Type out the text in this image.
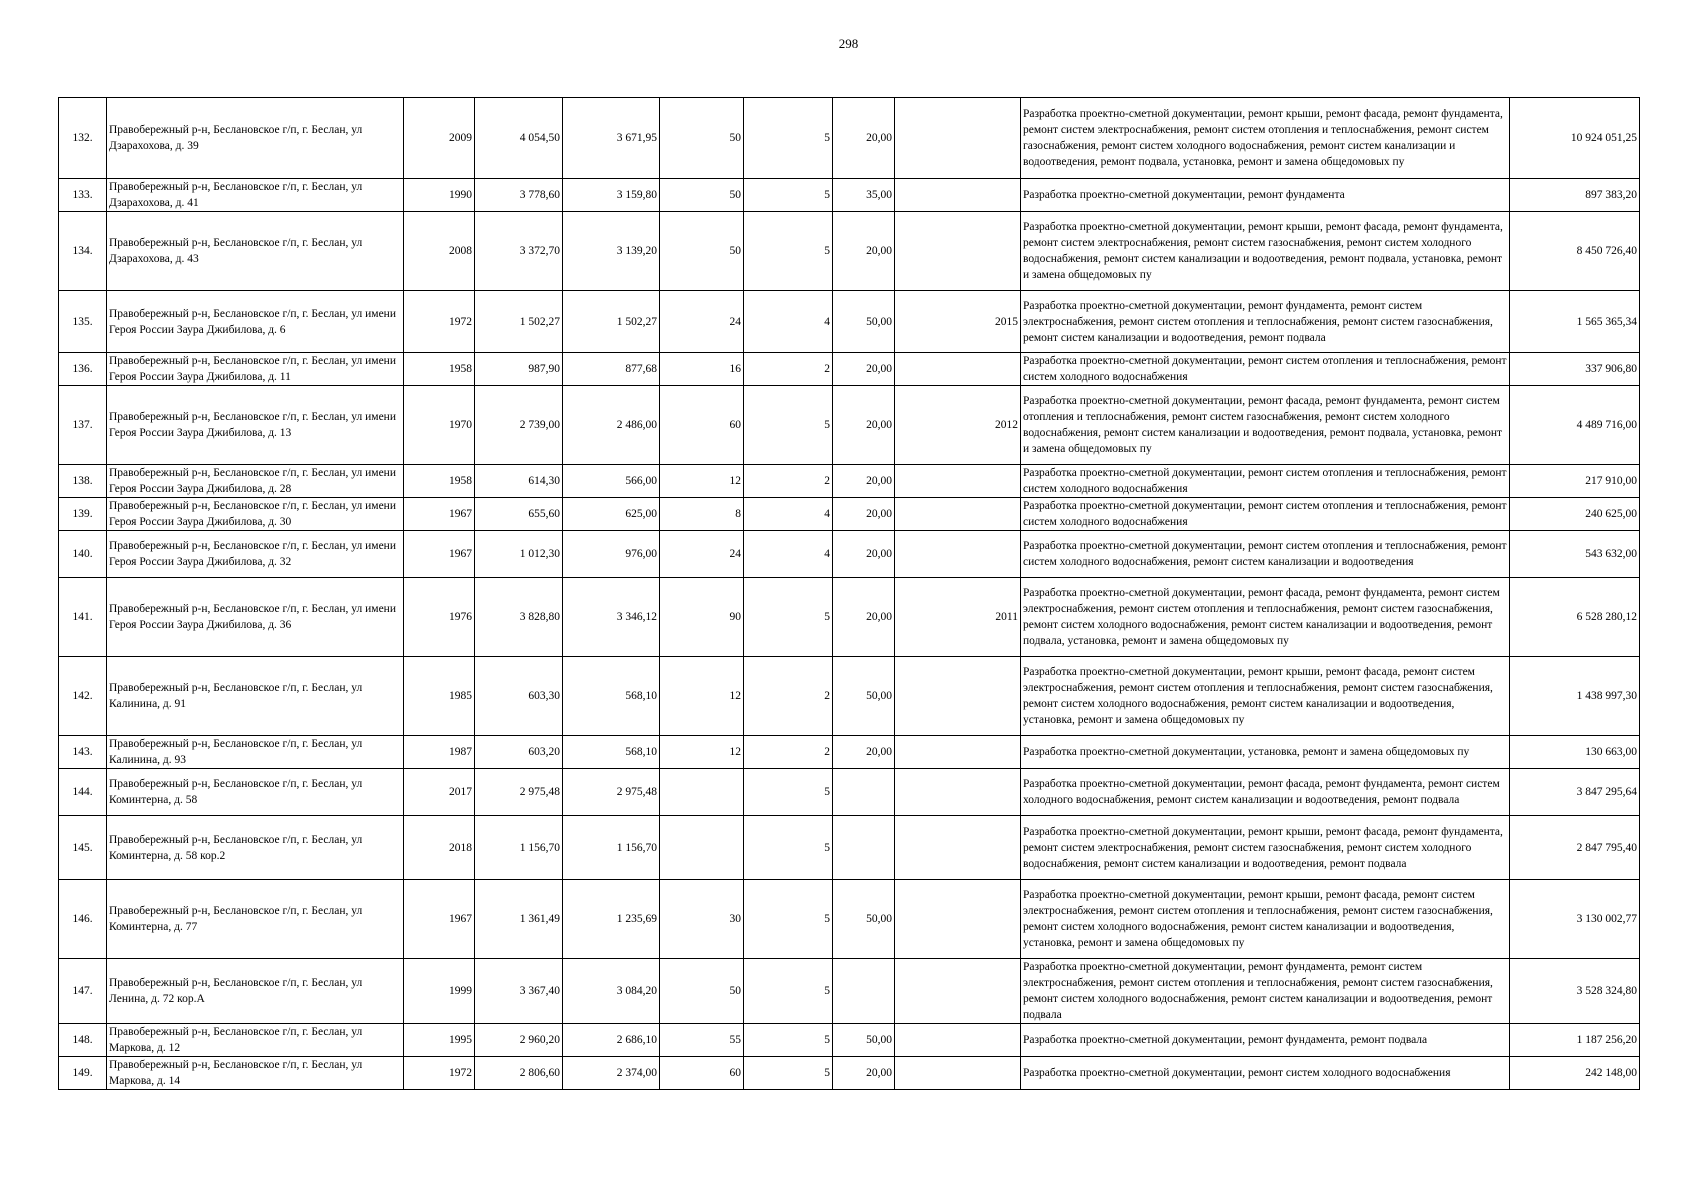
298
132.	Правобережный р-н, Беслановское г/п, г. Беслан, ул Дзарахохова, д. 39	2009	4 054,50	3 671,95	50	5	20,00		Разработка проектно-сметной документации, ремонт крыши, ремонт фасада, ремонт фундамента, ремонт систем электроснабжения, ремонт систем отопления и теплоснабжения, ремонт систем газоснабжения, ремонт систем холодного водоснабжения, ремонт систем канализации и водоотведения, ремонт подвала, установка, ремонт и замена общедомовых пу	10 924 051,25
133.	Правобережный р-н, Беслановское г/п, г. Беслан, ул Дзарахохова, д. 41	1990	3 778,60	3 159,80	50	5	35,00		Разработка проектно-сметной документации, ремонт фундамента	897 383,20
134.	Правобережный р-н, Беслановское г/п, г. Беслан, ул Дзарахохова, д. 43	2008	3 372,70	3 139,20	50	5	20,00		Разработка проектно-сметной документации, ремонт крыши, ремонт фасада, ремонт фундамента, ремонт систем электроснабжения, ремонт систем газоснабжения, ремонт систем холодного водоснабжения, ремонт систем канализации и водоотведения, ремонт подвала, установка, ремонт и замена общедомовых пу	8 450 726,40
135.	Правобережный р-н, Беслановское г/п, г. Беслан, ул имени Героя России Заура Джибилова, д. 6	1972	1 502,27	1 502,27	24	4	50,00	2015	Разработка проектно-сметной документации, ремонт фундамента, ремонт систем электроснабжения, ремонт систем отопления и теплоснабжения, ремонт систем газоснабжения, ремонт систем канализации и водоотведения, ремонт подвала	1 565 365,34
136.	Правобережный р-н, Беслановское г/п, г. Беслан, ул имени Героя России Заура Джибилова, д. 11	1958	987,90	877,68	16	2	20,00		Разработка проектно-сметной документации, ремонт систем отопления и теплоснабжения, ремонт систем холодного водоснабжения	337 906,80
137.	Правобережный р-н, Беслановское г/п, г. Беслан, ул имени Героя России Заура Джибилова, д. 13	1970	2 739,00	2 486,00	60	5	20,00	2012	Разработка проектно-сметной документации, ремонт фасада, ремонт фундамента, ремонт систем отопления и теплоснабжения, ремонт систем газоснабжения, ремонт систем холодного водоснабжения, ремонт систем канализации и водоотведения, ремонт подвала, установка, ремонт и замена общедомовых пу	4 489 716,00
138.	Правобережный р-н, Беслановское г/п, г. Беслан, ул имени Героя России Заура Джибилова, д. 28	1958	614,30	566,00	12	2	20,00		Разработка проектно-сметной документации, ремонт систем отопления и теплоснабжения, ремонт систем холодного водоснабжения	217 910,00
139.	Правобережный р-н, Беслановское г/п, г. Беслан, ул имени Героя России Заура Джибилова, д. 30	1967	655,60	625,00	8	4	20,00		Разработка проектно-сметной документации, ремонт систем отопления и теплоснабжения, ремонт систем холодного водоснабжения	240 625,00
140.	Правобережный р-н, Беслановское г/п, г. Беслан, ул имени Героя России Заура Джибилова, д. 32	1967	1 012,30	976,00	24	4	20,00		Разработка проектно-сметной документации, ремонт систем отопления и теплоснабжения, ремонт систем холодного водоснабжения, ремонт систем канализации и водоотведения	543 632,00
141.	Правобережный р-н, Беслановское г/п, г. Беслан, ул имени Героя России Заура Джибилова, д. 36	1976	3 828,80	3 346,12	90	5	20,00	2011	Разработка проектно-сметной документации, ремонт фасада, ремонт фундамента, ремонт систем электроснабжения, ремонт систем отопления и теплоснабжения, ремонт систем газоснабжения, ремонт систем холодного водоснабжения, ремонт систем канализации и водоотведения, ремонт подвала, установка, ремонт и замена общедомовых пу	6 528 280,12
142.	Правобережный р-н, Беслановское г/п, г. Беслан, ул Калинина, д. 91	1985	603,30	568,10	12	2	50,00		Разработка проектно-сметной документации, ремонт крыши, ремонт фасада, ремонт систем электроснабжения, ремонт систем отопления и теплоснабжения, ремонт систем газоснабжения, ремонт систем холодного водоснабжения, ремонт систем канализации и водоотведения, установка, ремонт и замена общедомовых пу	1 438 997,30
143.	Правобережный р-н, Беслановское г/п, г. Беслан, ул Калинина, д. 93	1987	603,20	568,10	12	2	20,00		Разработка проектно-сметной документации, установка, ремонт и замена общедомовых пу	130 663,00
144.	Правобережный р-н, Беслановское г/п, г. Беслан, ул Коминтерна, д. 58	2017	2 975,48	2 975,48		5			Разработка проектно-сметной документации, ремонт фасада, ремонт фундамента, ремонт систем холодного водоснабжения, ремонт систем канализации и водоотведения, ремонт подвала	3 847 295,64
145.	Правобережный р-н, Беслановское г/п, г. Беслан, ул Коминтерна, д. 58 кор.2	2018	1 156,70	1 156,70		5			Разработка проектно-сметной документации, ремонт крыши, ремонт фасада, ремонт фундамента, ремонт систем электроснабжения, ремонт систем газоснабжения, ремонт систем холодного водоснабжения, ремонт систем канализации и водоотведения, ремонт подвала	2 847 795,40
146.	Правобережный р-н, Беслановское г/п, г. Беслан, ул Коминтерна, д. 77	1967	1 361,49	1 235,69	30	5	50,00		Разработка проектно-сметной документации, ремонт крыши, ремонт фасада, ремонт систем электроснабжения, ремонт систем отопления и теплоснабжения, ремонт систем газоснабжения, ремонт систем холодного водоснабжения, ремонт систем канализации и водоотведения, установка, ремонт и замена общедомовых пу	3 130 002,77
147.	Правобережный р-н, Беслановское г/п, г. Беслан, ул Ленина, д. 72 кор.А	1999	3 367,40	3 084,20	50	5			Разработка проектно-сметной документации, ремонт фундамента, ремонт систем электроснабжения, ремонт систем отопления и теплоснабжения, ремонт систем газоснабжения, ремонт систем холодного водоснабжения, ремонт систем канализации и водоотведения, ремонт подвала	3 528 324,80
148.	Правобережный р-н, Беслановское г/п, г. Беслан, ул Маркова, д. 12	1995	2 960,20	2 686,10	55	5	50,00		Разработка проектно-сметной документации, ремонт фундамента, ремонт подвала	1 187 256,20
149.	Правобережный р-н, Беслановское г/п, г. Беслан, ул Маркова, д. 14	1972	2 806,60	2 374,00	60	5	20,00		Разработка проектно-сметной документации, ремонт систем холодного водоснабжения	242 148,00
